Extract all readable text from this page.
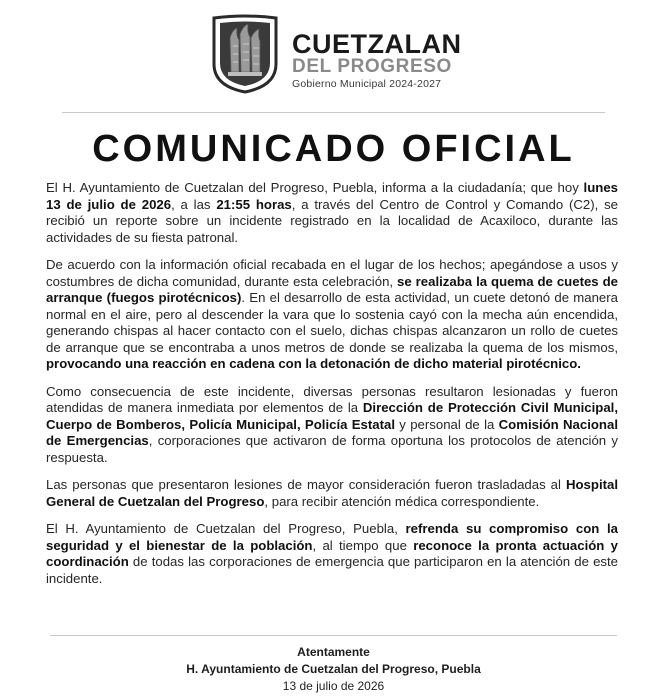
CUETZALAN
DEL PROGRESO
Gobierno Municipal 2024-2027
COMUNICADO OFICIAL

El H. Ayuntamiento de Cuetzalan del Progreso, Puebla, informa a la ciudadanía; que hoy lunes 13 de julio de 2026, a las 21:55 horas, a través del Centro de Control y Comando (C2), se recibió un reporte sobre un incidente registrado en la localidad de Acaxiloco, durante las actividades de su fiesta patronal.

De acuerdo con la información oficial recabada en el lugar de los hechos; apegándose a usos y costumbres de dicha comunidad, durante esta celebración, se realizaba la quema de cuetes de arranque (fuegos pirotécnicos). En el desarrollo de esta actividad, un cuete detonó de manera normal en el aire, pero al descender la vara que lo sostenia cayó con la mecha aún encendida, generando chispas al hacer contacto con el suelo, dichas chispas alcanzaron un rollo de cuetes de arranque que se encontraba a unos metros de donde se realizaba la quema de los mismos, provocando una reacción en cadena con la detonación de dicho material pirotécnico.

Como consecuencia de este incidente, diversas personas resultaron lesionadas y fueron atendidas de manera inmediata por elementos de la Dirección de Protección Civil Municipal, Cuerpo de Bomberos, Policía Municipal, Policía Estatal y personal de la Comisión Nacional de Emergencias, corporaciones que activaron de forma oportuna los protocolos de atención y respuesta.

Las personas que presentaron lesiones de mayor consideración fueron trasladadas al Hospital General de Cuetzalan del Progreso, para recibir atención médica correspondiente.

El H. Ayuntamiento de Cuetzalan del Progreso, Puebla, refrenda su compromiso con la seguridad y el bienestar de la población, al tiempo que reconoce la pronta actuación y coordinación de todas las corporaciones de emergencia que participaron en la atención de este incidente.

Atentamente
H. Ayuntamiento de Cuetzalan del Progreso, Puebla
13 de julio de 2026
